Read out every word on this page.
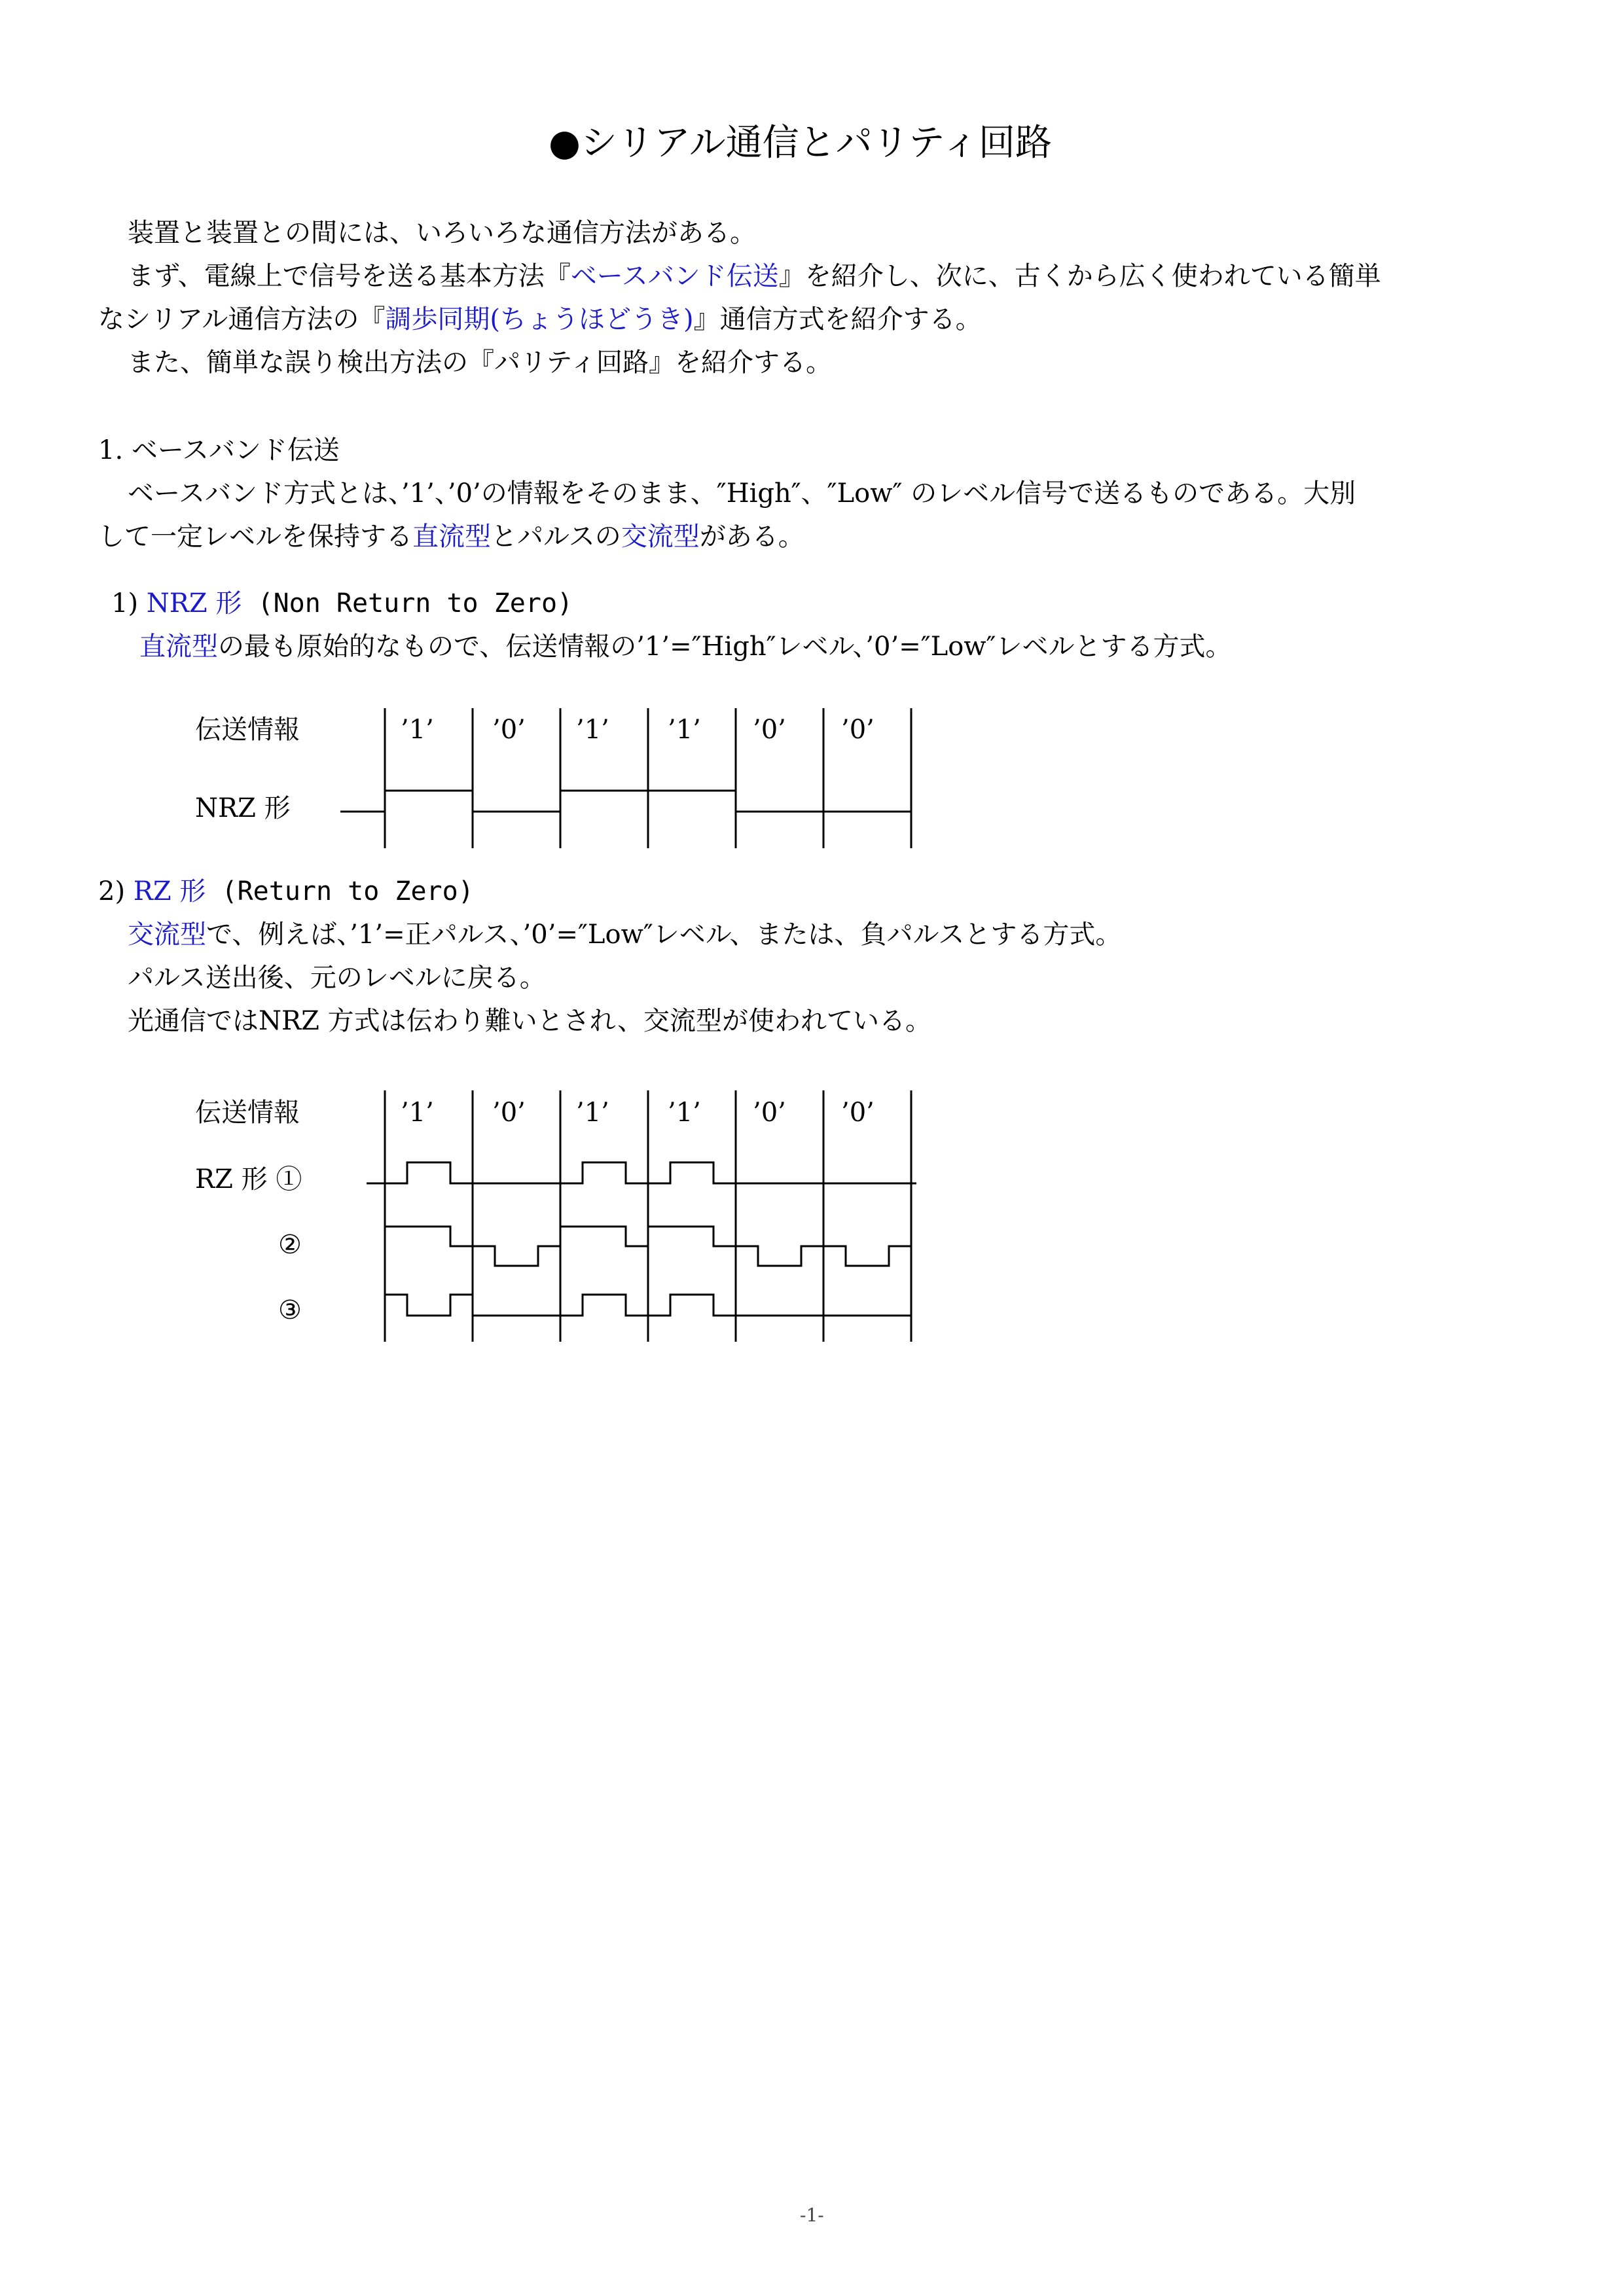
●シリアル通信とパリティ回路
装置と装置との間には、いろいろな通信方法がある。
まず、電線上で信号を送る基本方法『ベースバンド伝送』を紹介し、次に、古くから広く使われている簡単
なシリアル通信方法の『調歩同期(ちょうほどうき)』通信方式を紹介する。
また、簡単な誤り検出方法の『パリティ回路』を紹介する。
1. ベースバンド伝送
ベースバンド方式とは、’1’、’0’の情報をそのまま、″High″、″Low″ のレベル信号で送るものである。大別
して一定レベルを保持する直流型とパルスの交流型がある。
1) NRZ 形 (Non Return to Zero)
直流型の最も原始的なもので、伝送情報の’1’=″High″レベル、’0’=″Low″レベルとする方式。
伝送情報
NRZ 形
’1’ ’0’ ’1’ ’1’ ’0’ ’0’
2) RZ 形 (Return to Zero)
交流型で、例えば、’1’=正パルス、’0’=″Low″レベル、または、負パルスとする方式。
パルス送出後、元のレベルに戻る。
光通信ではNRZ 方式は伝わり難いとされ、交流型が使われている。
伝送情報
RZ 形 ①
②
③
’1’ ’0’ ’1’ ’1’ ’0’ ’0’
-1-
